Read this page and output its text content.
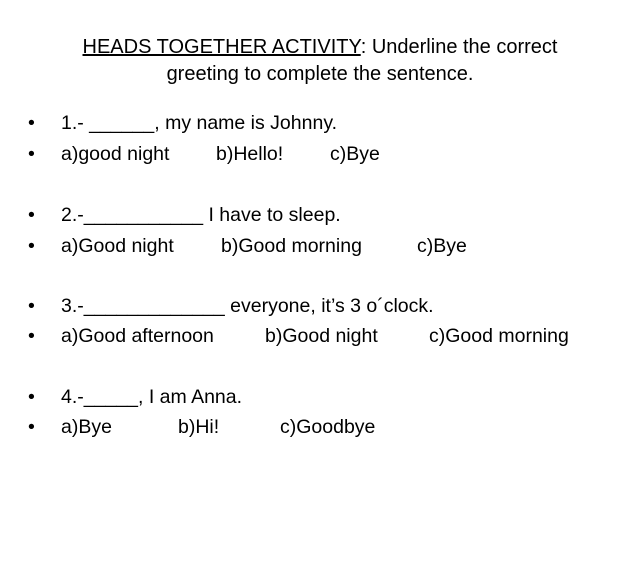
HEADS TOGETHER ACTIVITY: Underline the correct
greeting to complete the sentence.

•

1.- ______, my name is Johnny.

•

a)good night

b)Hello!

c)Bye

•

2.-___________ I have to sleep.

•

a)Good night

b)Good morning

	c)Bye

•

3.-_____________ everyone, it’s 3 o´clock.

•

a)Good afternoon

	b)Good night

	c)Good morning

•

4.-_____, I am Anna.

•

a)Bye

	b)Hi!

	c)Goodbye
